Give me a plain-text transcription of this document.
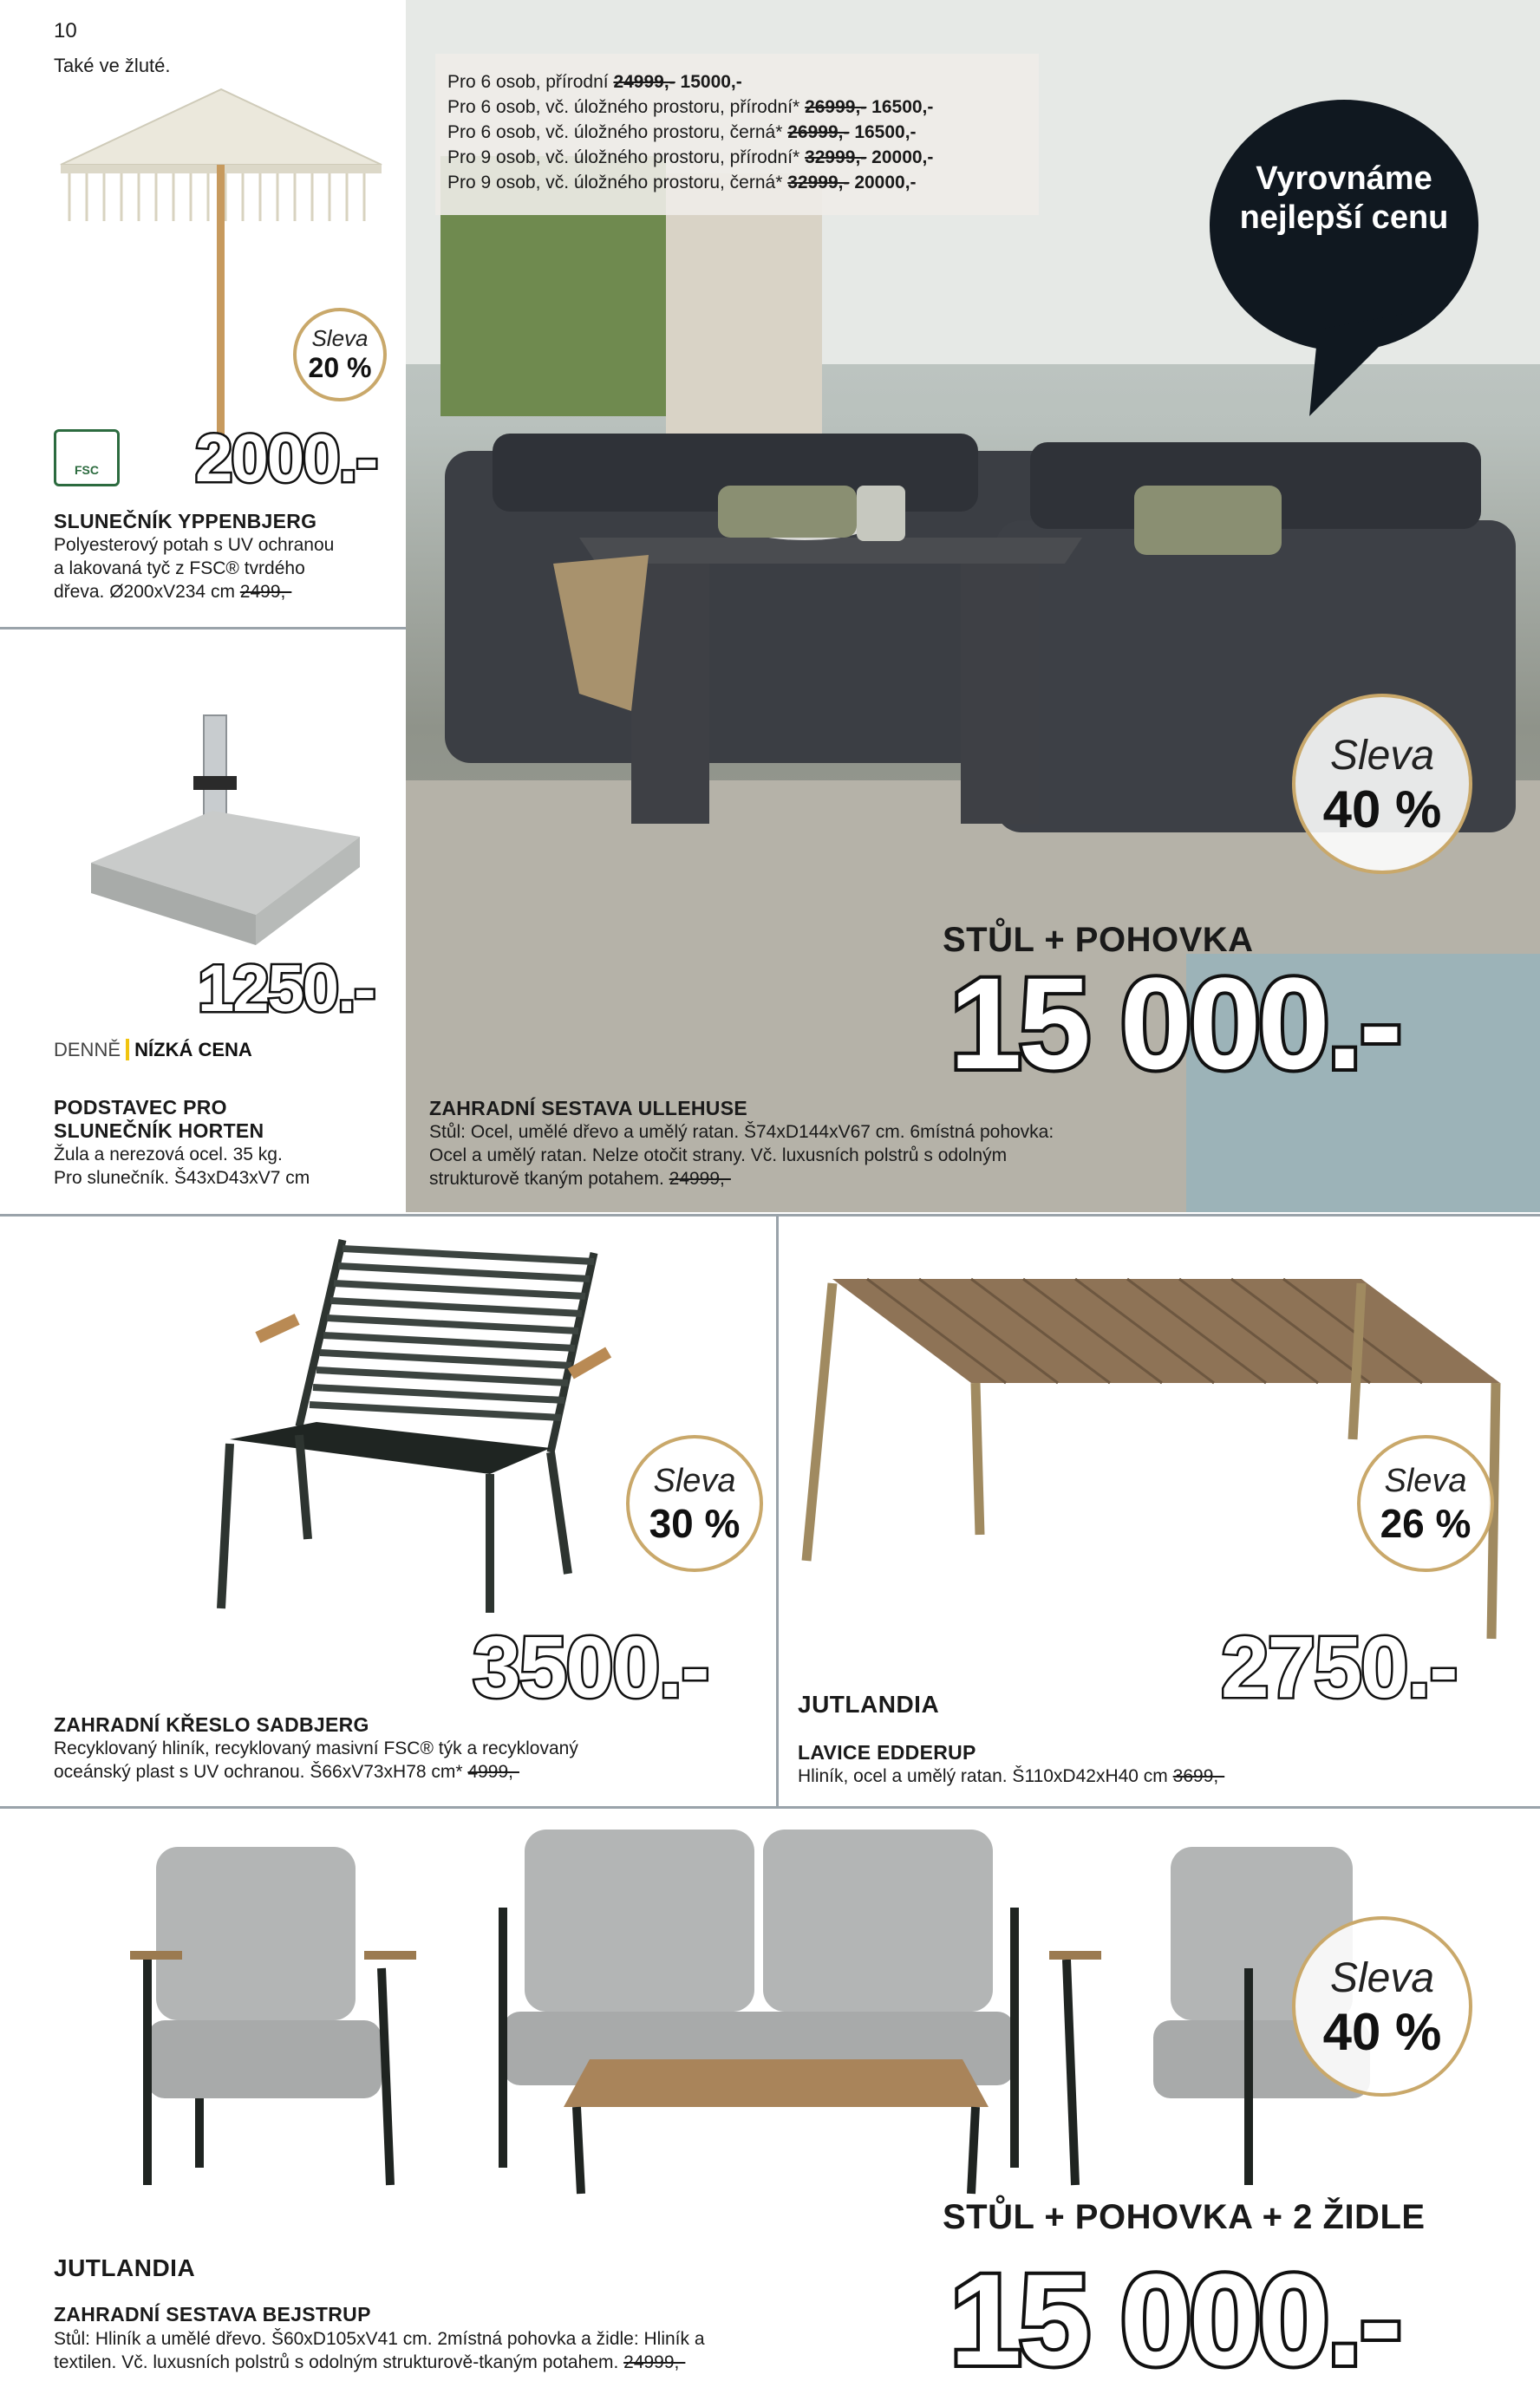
10
Také ve žluté.
Sleva
20 %
FSC 2000.-
SLUNEČNÍK YPPENBJERG
Polyesterový potah s UV ochranou
a lakovaná tyč z FSC® tvrdého
dřeva. Ø200xV234 cm 2499,-
1250.-
DENNĚ NÍZKÁ CENA
PODSTAVEC PRO
SLUNEČNÍK HORTEN
Žula a nerezová ocel. 35 kg.
Pro slunečník. Š43xD43xV7 cm
Pro 6 osob, přírodní 24999,- 15000,-
Pro 6 osob, vč. úložného prostoru, přírodní* 26999,- 16500,-
Pro 6 osob, vč. úložného prostoru, černá* 26999,- 16500,-
Pro 9 osob, vč. úložného prostoru, přírodní* 32999,- 20000,-
Pro 9 osob, vč. úložného prostoru, černá* 32999,- 20000,-	Vyrovnáme
nejlepší cenu
Sleva
40 %
STŮL + POHOVKA
15 000.-
ZAHRADNÍ SESTAVA ULLEHUSE
Stůl: Ocel, umělé dřevo a umělý ratan. Š74xD144xV67 cm. 6místná pohovka:
Ocel a umělý ratan. Nelze otočit strany. Vč. luxusních polstrů s odolným
strukturově tkaným potahem. 24999,-
Sleva
30 %
3500.-
ZAHRADNÍ KŘESLO SADBJERG
Recyklovaný hliník, recyklovaný masivní FSC® týk a recyklovaný
oceánský plast s UV ochranou. Š66xV73xH78 cm* 4999,-
Sleva
26 %
2750.-
JUTLANDIA
LAVICE EDDERUP
Hliník, ocel a umělý ratan. Š110xD42xH40 cm 3699,-
Sleva
40 %
STŮL + POHOVKA + 2 ŽIDLE
15 000.-
JUTLANDIA
ZAHRADNÍ SESTAVA BEJSTRUP
Stůl: Hliník a umělé dřevo. Š60xD105xV41 cm. 2místná pohovka a židle: Hliník a
textilen. Vč. luxusních polstrů s odolným strukturově-tkaným potahem. 24999,-
